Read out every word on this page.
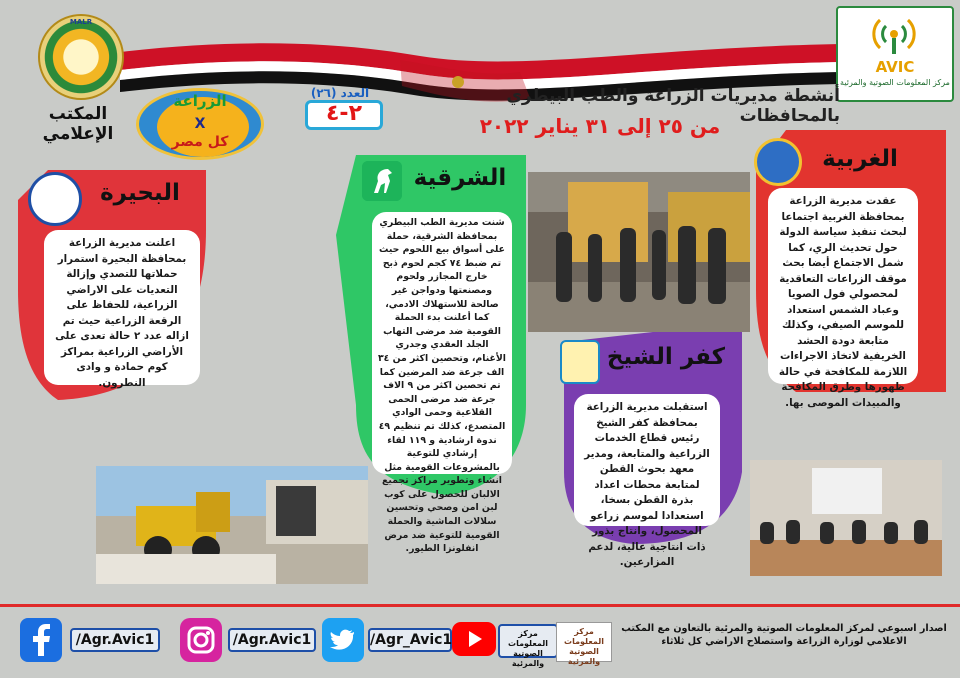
MALR
المكتب الإعلامي
AVIC
مركز المعلومات الصوتية والمرئية
أنشطة مديريات الزراعة والطب البيطري بالمحافظات
من ٢٥ إلى ٣١ يناير ٢٠٢٢
الزراعة
X
كل مصر
العدد (٢٦)
٢-٤
البحيرة
اعلنت مديرية الزراعة بمحافظة البحيرة استمرار حملاتها للتصدي وإزالة التعديات على الاراضي الزراعية، للحفاظ على الرقعة الزراعية حيث تم ازاله عدد ٢ حالة تعدى على الأراضي الزراعية بمراكز كوم حمادة و وادى النطرون.
الشرقية
شنت مديرية الطب البيطري بمحافظة الشرقية، حملة على أسواق بيع اللحوم حيث تم ضبط ٧٤ كجم لحوم ذبح خارج المجازر ولحوم ومصنعتها ودواجن غير صالحة للاستهلاك الادمي، كما أعلنت بدء الحملة القومية ضد مرضى التهاب الجلد العقدي وجدري الأغنام، وتحصين اكثر من ٣٤ الف جرعة ضد المرضين كما تم تحصين اكثر من ٩ الاف جرعة ضد مرضى الحمى القلاعية وحمى الوادي المتصدع، كذلك تم تنظيم ٤٩ ندوة ارشادية و ١١٩ لقاء إرشادي للتوعية بالمشروعات القومية مثل انشاء وتطوير مراكز تجميع الالبان للحصول على كوب لبن امن وصحي وتحسين سلالات الماشية والحملة القومية للتوعية ضد مرض انفلونزا الطيور.
الغربية
عقدت مديرية الزراعة بمحافظة الغربية اجتماعا لبحث تنفيذ سياسة الدولة حول تحديث الري، كما شمل الاجتماع أيضا بحث موقف الزراعات التعاقدية لمحصولي فول الصويا وعباد الشمس استعداد للموسم الصيفي، وكذلك متابعة دودة الحشد الخريفية لاتخاذ الاجراءات اللازمة للمكافحة في حالة ظهورها وطرق المكافحة والمبيدات الموصى بها.
كفر الشيخ
استقبلت مديرية الزراعة بمحافظة كفر الشيخ رئيس قطاع الخدمات الزراعية والمتابعة، ومدير معهد بحوث القطن لمتابعة محطات اعداد بذرة القطن بسخا، استعدادا لموسم زراعو المحصول، وانتاج بذور ذات انتاجية عالية، لدعم المزارعين.
/Agr.Avic1	/Agr.Avic1	/Agr_Avic1	مركز المعلومات الصوتية والمرئية
مركز المعلومات الصوتية والمرئية
اصدار اسبوعي لمركز المعلومات الصوتية والمرئية بالتعاون مع المكتب الاعلامي لوزارة الزراعة واستصلاح الاراضي كل ثلاثاء
